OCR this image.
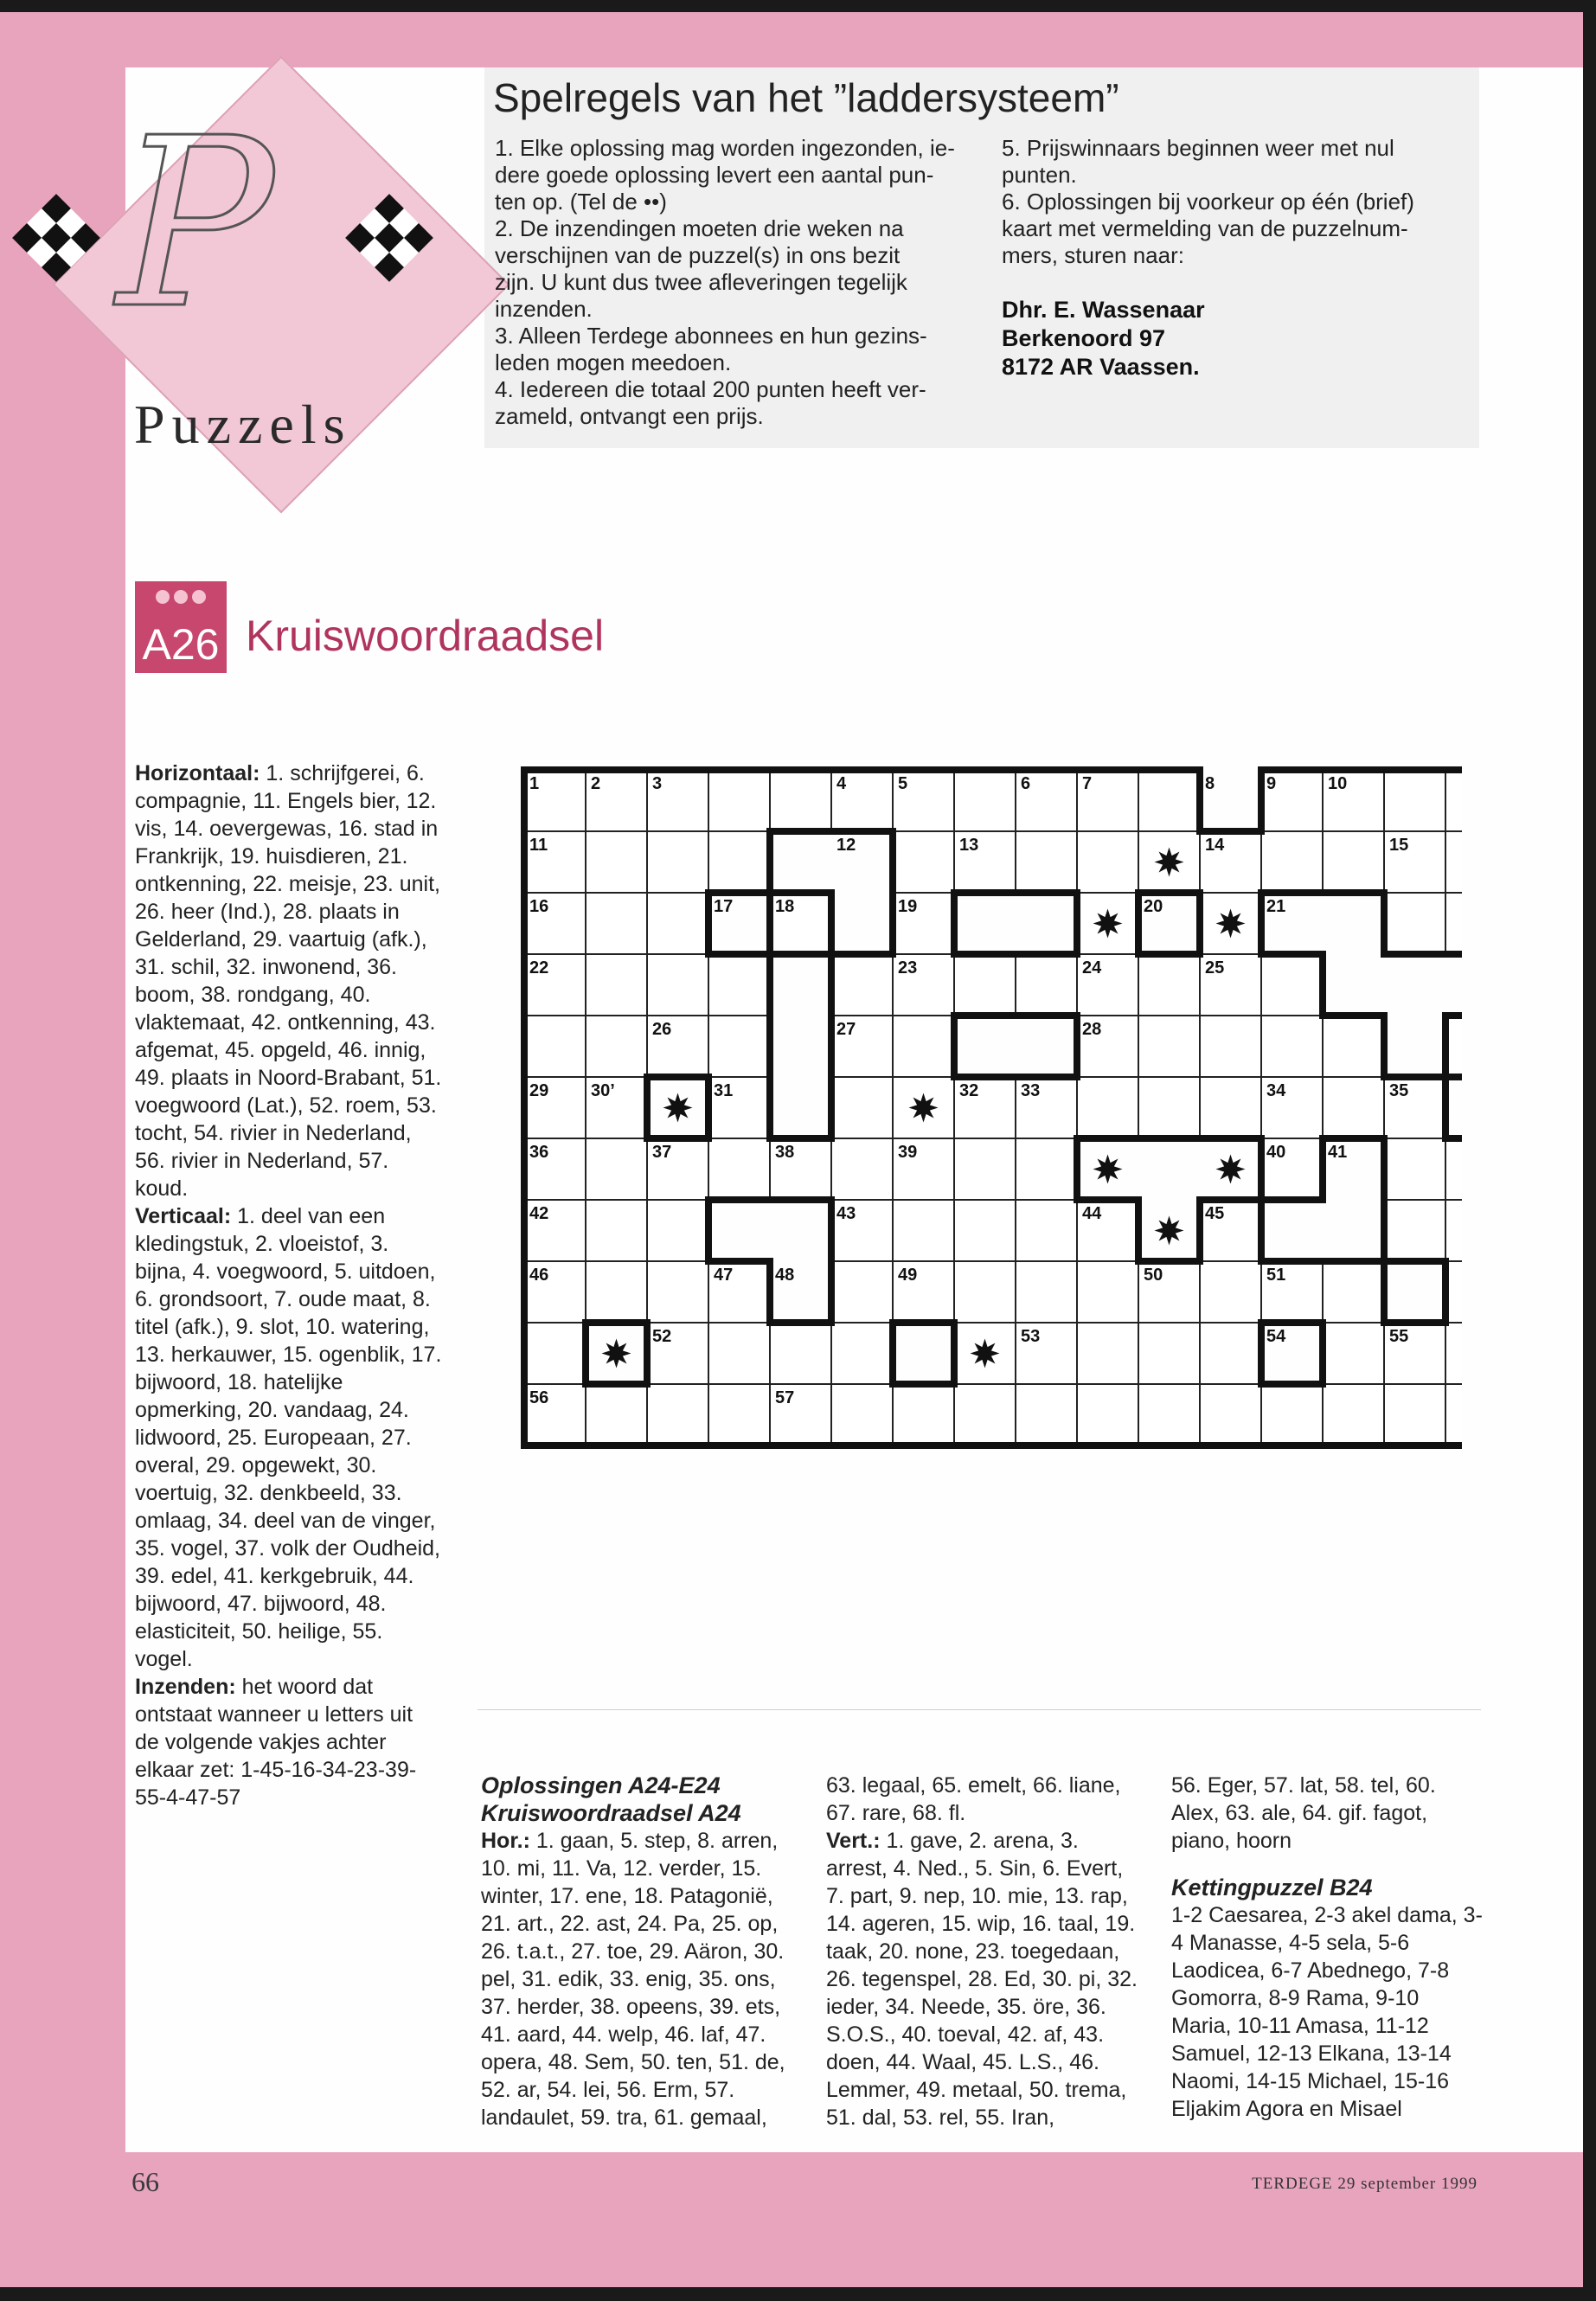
P
Puzzels
Spelregels van het ”laddersysteem”
1. Elke oplossing mag worden ingezonden, ie-
dere goede oplossing levert een aantal pun-
ten op. (Tel de ••)
2. De inzendingen moeten drie weken na
verschijnen van de puzzel(s) in ons bezit
zijn. U kunt dus twee afleveringen tegelijk
inzenden.
3. Alleen Terdege abonnees en hun gezins-
leden mogen meedoen.
4. Iedereen die totaal 200 punten heeft ver-
zameld, ontvangt een prijs.
5. Prijswinnaars beginnen weer met nul
punten.
6. Oplossingen bij voorkeur op één (brief)
kaart met vermelding van de puzzelnum-
mers, sturen naar:
Dhr. E. Wassenaar
Berkenoord 97
8172 AR Vaassen.
A26 Kruiswoordraadsel
Horizontaal: 1. schrijfgerei, 6. compagnie, 11. Engels bier, 12. vis, 14. oevergewas, 16. stad in Frankrijk, 19. huisdieren, 21. ontkenning, 22. meisje, 23. unit, 26. heer (Ind.), 28. plaats in Gelderland, 29. vaartuig (afk.), 31. schil, 32. inwonend, 36. boom, 38. rondgang, 40. vlaktemaat, 42. ontkenning, 43. afgemat, 45. opgeld, 46. innig, 49. plaats in Noord-Brabant, 51. voegwoord (Lat.), 52. roem, 53. tocht, 54. rivier in Nederland, 56. rivier in Nederland, 57. koud.
Verticaal: 1. deel van een kledingstuk, 2. vloeistof, 3. bijna, 4. voegwoord, 5. uitdoen, 6. grondsoort, 7. oude maat, 8. titel (afk.), 9. slot, 10. watering, 13. herkauwer, 15. ogenblik, 17. bijwoord, 18. hatelijke opmerking, 20. vandaag, 24. lidwoord, 25. Europeaan, 27. overal, 29. opgewekt, 30. voertuig, 32. denkbeeld, 33. omlaag, 34. deel van de vinger, 35. vogel, 37. volk der Oudheid, 39. edel, 41. kerkgebruik, 44. bijwoord, 47. bijwoord, 48. elasticiteit, 50. heilige, 55. vogel.
Inzenden: het woord dat ontstaat wanneer u letters uit de volgende vakjes achter elkaar zet: 1-45-16-34-23-39-55-4-47-57
1	2	3	4	5	6	7	8	9	10
11	12	13	14	15
16	17 18	19	20	21
22	23	24	25
26	27	28
29 30’	31	32 33	34	35
36	37	38	39	40 41
42	43	44	45
46	47 48	49	50	51
52	53	54	55
56	57
Oplossingen A24-E24
Kruiswoordraadsel A24
Hor.: 1. gaan, 5. step, 8. arren, 10. mi, 11. Va, 12. verder, 15. winter, 17. ene, 18. Patagonië, 21. art., 22. ast, 24. Pa, 25. op, 26. t.a.t., 27. toe, 29. Aäron, 30. pel, 31. edik, 33. enig, 35. ons, 37. herder, 38. opeens, 39. ets, 41. aard, 44. welp, 46. laf, 47. opera, 48. Sem, 50. ten, 51. de, 52. ar, 54. lei, 56. Erm, 57. landaulet, 59. tra, 61. gemaal,
63. legaal, 65. emelt, 66. liane, 67. rare, 68. fl.
Vert.: 1. gave, 2. arena, 3. arrest, 4. Ned., 5. Sin, 6. Evert, 7. part, 9. nep, 10. mie, 13. rap, 14. ageren, 15. wip, 16. taal, 19. taak, 20. none, 23. toegedaan, 26. tegenspel, 28. Ed, 30. pi, 32. ieder, 34. Neede, 35. öre, 36. S.O.S., 40. toeval, 42. af, 43. doen, 44. Waal, 45. L.S., 46. Lemmer, 49. metaal, 50. trema, 51. dal, 53. rel, 55. Iran,
56. Eger, 57. lat, 58. tel, 60. Alex, 63. ale, 64. gif. fagot, piano, hoorn
Kettingpuzzel B24
1-2 Caesarea, 2-3 akel dama, 3-4 Manasse, 4-5 sela, 5-6 Laodicea, 6-7 Abednego, 7-8 Gomorra, 8-9 Rama, 9-10 Maria, 10-11 Amasa, 11-12 Samuel, 12-13 Elkana, 13-14 Naomi, 14-15 Michael, 15-16 Eljakim Agora en Misael
66	TERDEGE 29 september 1999
